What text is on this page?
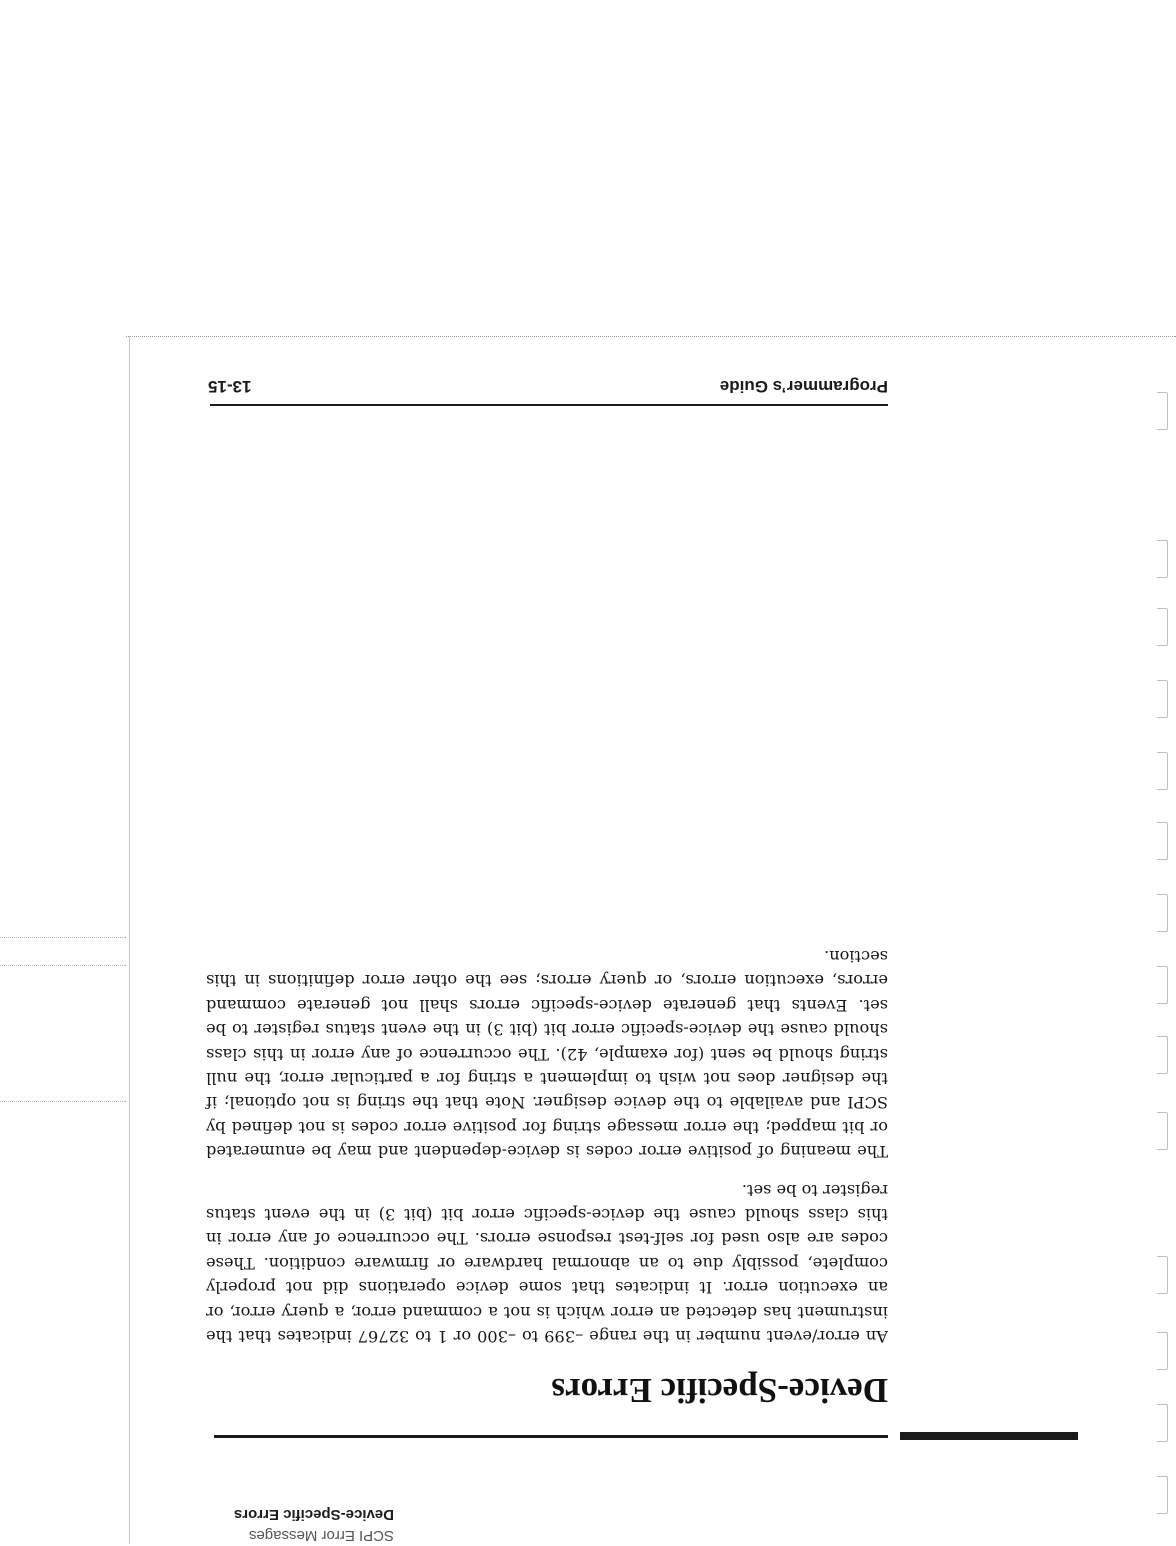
SCPI Error Messages
Device-Specific Errors
Device-Specific Errors

An error/event number in the range –399 to –300 or 1 to 32767 indicates that the instrument has detected an error which is not a command error, a query error, or an execution error. It indicates that some device operations did not properly complete, possibly due to an abnormal hardware or firmware condition. These codes are also used for self-test response errors. The occurrence of any error in this class should cause the device-specific error bit (bit 3) in the event status register to be set.

The meaning of positive error codes is device-dependent and may be enumerated or bit mapped; the error message string for positive error codes is not defined by SCPI and available to the device designer. Note that the string is not optional; if the designer does not wish to implement a string for a particular error, the null string should be sent (for example, 42). The occurrence of any error in this class should cause the device-specific error bit (bit 3) in the event status register to be set. Events that generate device-specific errors shall not generate command errors, execution errors, or query errors; see the other error definitions in this section.

Programmer’s Guide
13-15
